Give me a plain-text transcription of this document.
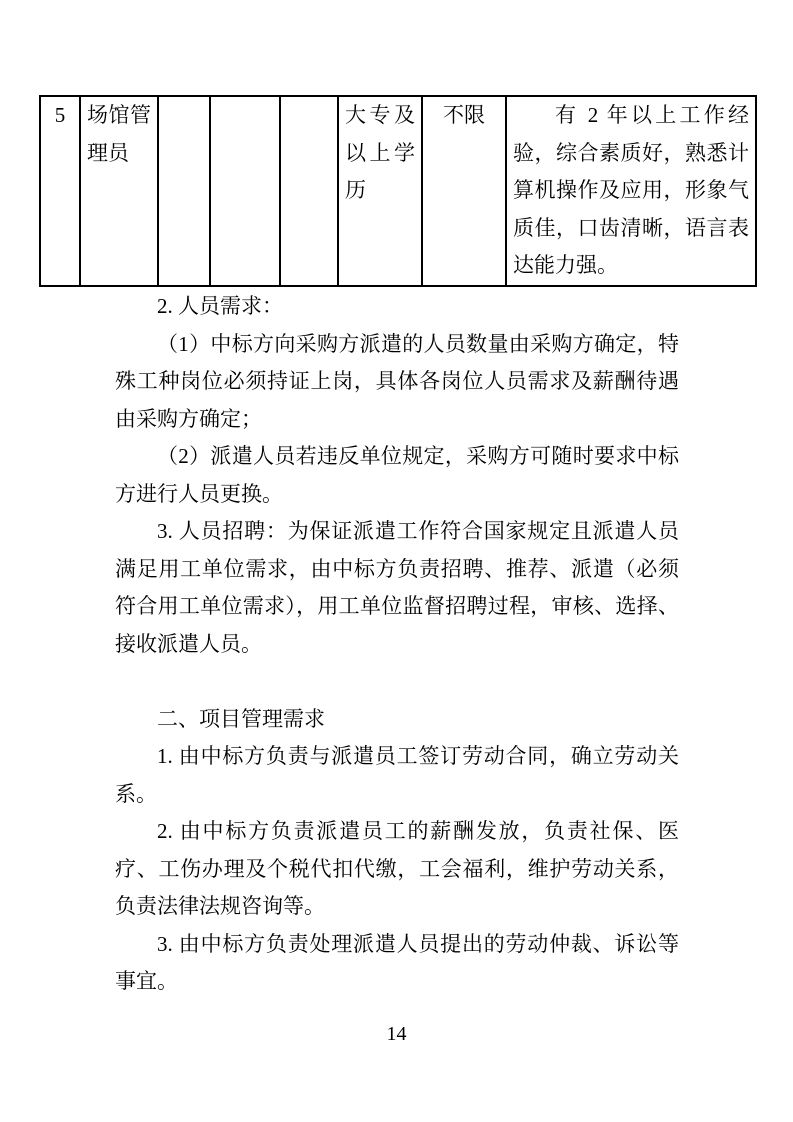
5	场馆管理员				大专及以上学历	不限	有 2 年以上工作经验，综合素质好，熟悉计算机操作及应用，形象气质佳，口齿清晰，语言表达能力强。

2. 人员需求：

（1）中标方向采购方派遣的人员数量由采购方确定，特殊工种岗位必须持证上岗，具体各岗位人员需求及薪酬待遇由采购方确定；

（2）派遣人员若违反单位规定，采购方可随时要求中标方进行人员更换。

3. 人员招聘：为保证派遣工作符合国家规定且派遣人员满足用工单位需求，由中标方负责招聘、推荐、派遣（必须符合用工单位需求），用工单位监督招聘过程，审核、选择、接收派遣人员。

二、项目管理需求

1. 由中标方负责与派遣员工签订劳动合同，确立劳动关系。

2. 由中标方负责派遣员工的薪酬发放，负责社保、医疗、工伤办理及个税代扣代缴，工会福利，维护劳动关系，负责法律法规咨询等。

3. 由中标方负责处理派遣人员提出的劳动仲裁、诉讼等事宜。

14
